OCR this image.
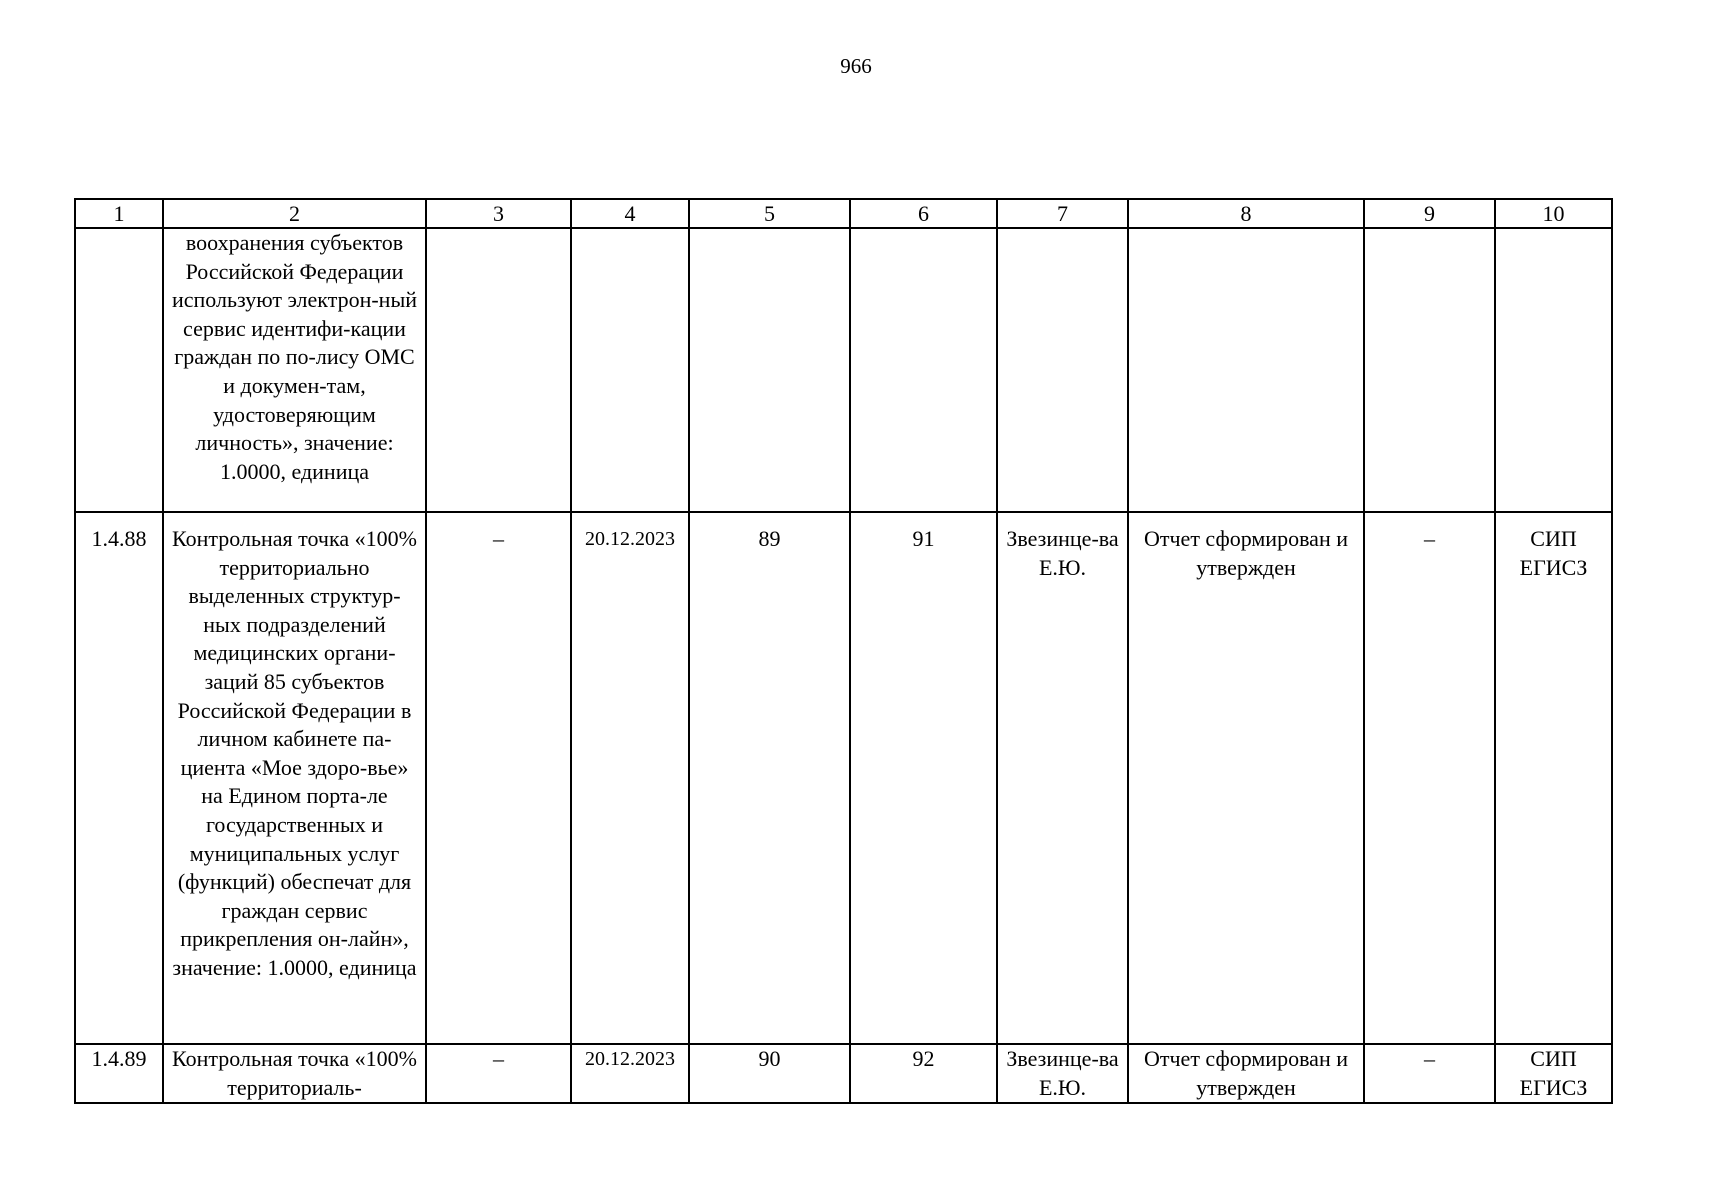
966
1	2	3	4	5	6	7	8	9	10
	воохранения субъектов Российской Федерации используют электрон-ный сервис идентифи-кации граждан по по-лису ОМС и докумен-там, удостоверяющим личность», значение: 1.0000, единица								
1.4.88	Контрольная точка «100% территориально выделенных структур-ных подразделений медицинских органи-заций 85 субъектов Российской Федерации в личном кабинете па-циента «Мое здоро-вье» на Едином порта-ле государственных и муниципальных услуг (функций) обеспечат для граждан сервис прикрепления он-лайн», значение: 1.0000, единица	–	20.12.2023	89	91	Звезинце-ва Е.Ю.	Отчет сформирован и утвержден	–	СИП ЕГИСЗ
1.4.89	Контрольная точка «100% территориаль-	–	20.12.2023	90	92	Звезинце-ва Е.Ю.	Отчет сформирован и утвержден	–	СИП ЕГИСЗ
